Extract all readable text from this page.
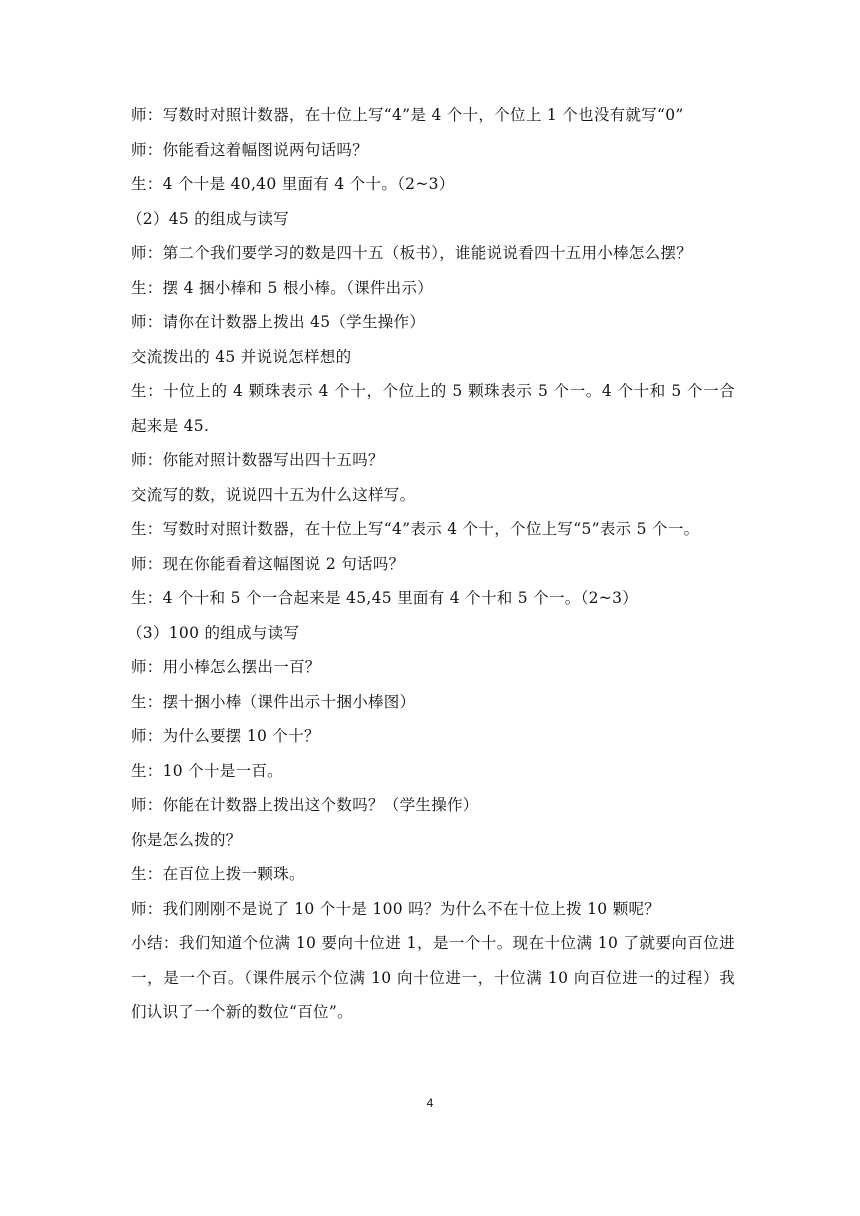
师：写数时对照计数器，在十位上写“4”是 4 个十，个位上 1 个也没有就写“0”

师：你能看这着幅图说两句话吗？

生：4 个十是 40,40 里面有 4 个十。（2~3）

（2）45 的组成与读写

师：第二个我们要学习的数是四十五（板书），谁能说说看四十五用小棒怎么摆？

生：摆 4 捆小棒和 5 根小棒。（课件出示）

师：请你在计数器上拨出 45（学生操作）

交流拨出的 45 并说说怎样想的

生：十位上的 4 颗珠表示 4 个十，个位上的 5 颗珠表示 5 个一。4 个十和 5 个一合起来是 45.

师：你能对照计数器写出四十五吗？

交流写的数，说说四十五为什么这样写。

生：写数时对照计数器，在十位上写“4”表示 4 个十，个位上写“5”表示 5 个一。

师：现在你能看着这幅图说 2 句话吗？

生：4 个十和 5 个一合起来是 45,45 里面有 4 个十和 5 个一。（2~3）

（3）100 的组成与读写

师：用小棒怎么摆出一百？

生：摆十捆小棒（课件出示十捆小棒图）

师：为什么要摆 10 个十？

生：10 个十是一百。

师：你能在计数器上拨出这个数吗？（学生操作）

你是怎么拨的？

生：在百位上拨一颗珠。

师：我们刚刚不是说了 10 个十是 100 吗？为什么不在十位上拨 10 颗呢？

小结：我们知道个位满 10 要向十位进 1，是一个十。现在十位满 10 了就要向百位进一，是一个百。（课件展示个位满 10 向十位进一，十位满 10 向百位进一的过程）我们认识了一个新的数位“百位”。

4
